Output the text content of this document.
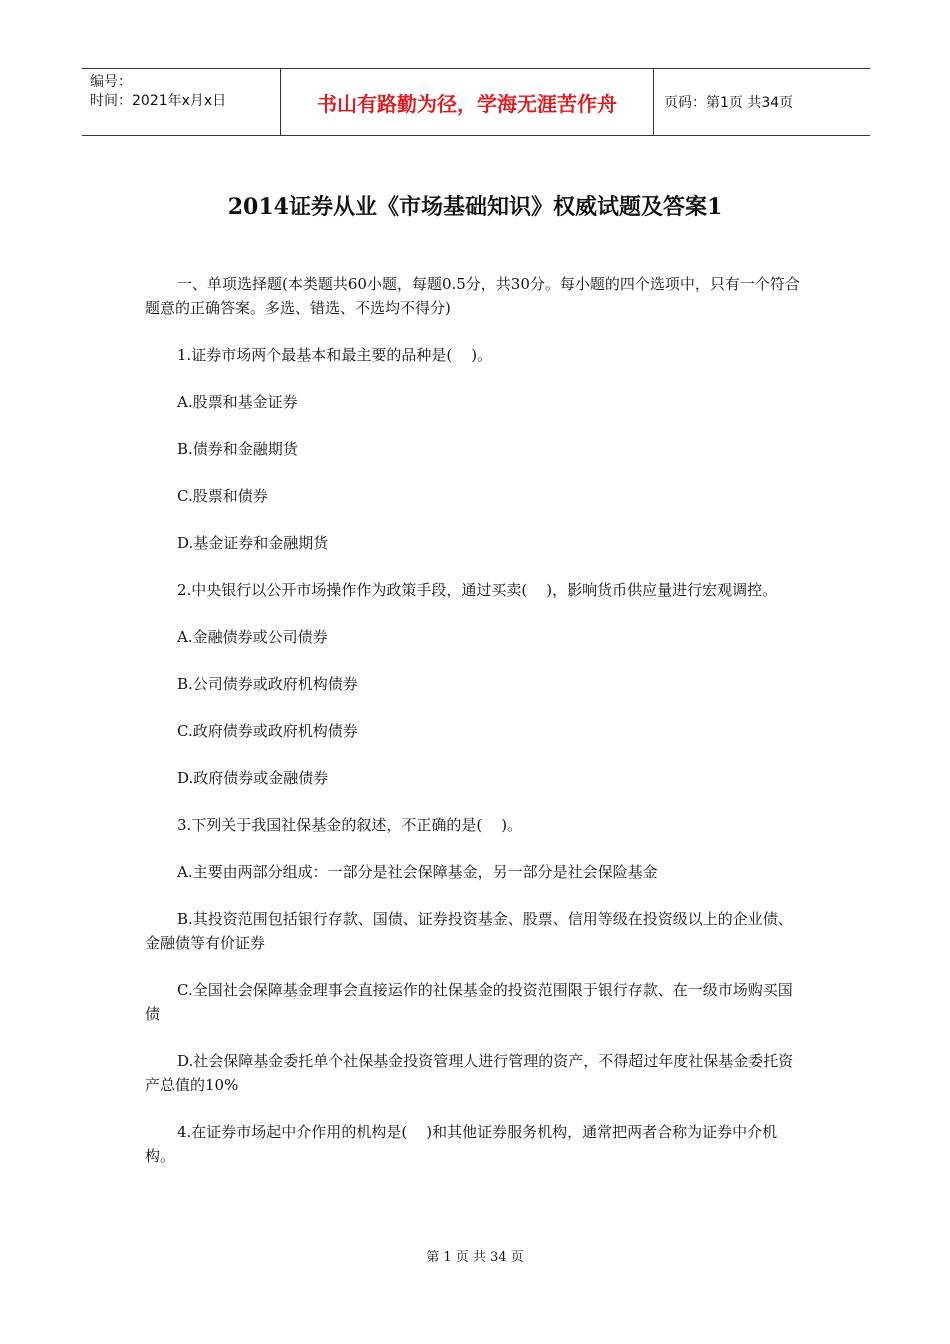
编号：
时间：2021年x月x日	书山有路勤为径，学海无涯苦作舟	页码：第1页 共34页
2014证券从业《市场基础知识》权威试题及答案1

一、单项选择题(本类题共60小题，每题0.5分，共30分。每小题的四个选项中，只有一个符合题意的正确答案。多选、错选、不选均不得分)

1.证券市场两个最基本和最主要的品种是(    )。

A.股票和基金证券

B.债券和金融期货

C.股票和债券

D.基金证券和金融期货

2.中央银行以公开市场操作作为政策手段，通过买卖(    )，影响货币供应量进行宏观调控。

A.金融债券或公司债券

B.公司债券或政府机构债券

C.政府债券或政府机构债券

D.政府债券或金融债券

3.下列关于我国社保基金的叙述，不正确的是(    )。

A.主要由两部分组成：一部分是社会保障基金，另一部分是社会保险基金

B.其投资范围包括银行存款、国债、证券投资基金、股票、信用等级在投资级以上的企业债、金融债等有价证券

C.全国社会保障基金理事会直接运作的社保基金的投资范围限于银行存款、在一级市场购买国债

D.社会保障基金委托单个社保基金投资管理人进行管理的资产，不得超过年度社保基金委托资产总值的10%

4.在证券市场起中介作用的机构是(    )和其他证券服务机构，通常把两者合称为证券中介机构。

第 1 页 共 34 页
